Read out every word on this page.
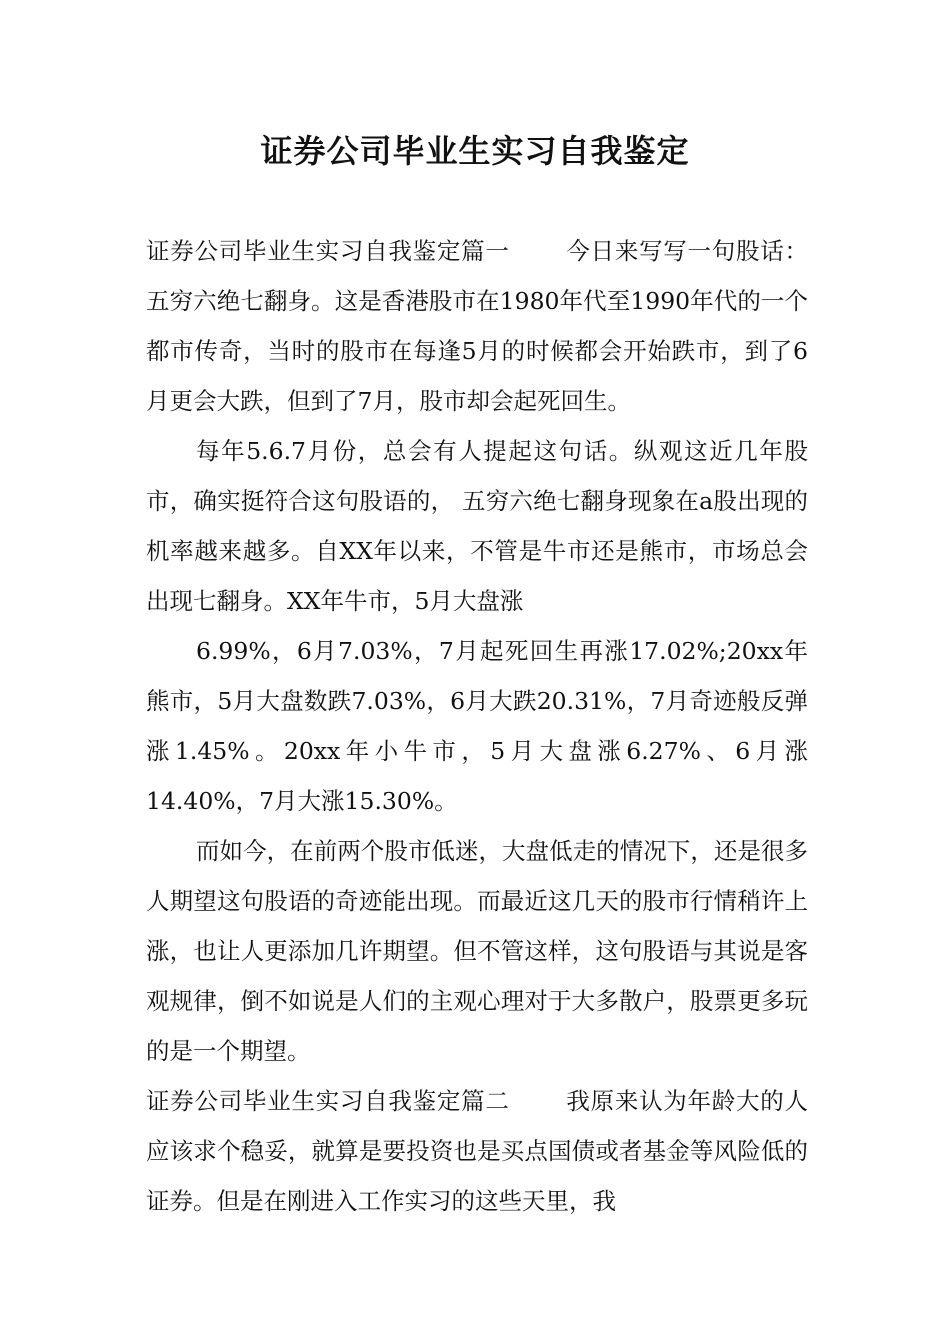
证券公司毕业生实习自我鉴定

证券公司毕业生实习自我鉴定篇一 今日来写写一句股话：五穷六绝七翻身。这是香港股市在1980年代至1990年代的一个都市传奇，当时的股市在每逢5月的时候都会开始跌市，到了6月更会大跌，但到了7月，股市却会起死回生。

每年5.6.7月份，总会有人提起这句话。纵观这近几年股市，确实挺符合这句股语的， 五穷六绝七翻身现象在a股出现的机率越来越多。自XX年以来，不管是牛市还是熊市，市场总会出现七翻身。XX年牛市，5月大盘涨

6.99%，6月7.03%，7月起死回生再涨17.02%;20xx年熊市，5月大盘数跌7.03%，6月大跌20.31%，7月奇迹般反弹涨1.45%。20xx年小牛市，5月大盘涨6.27%、6月涨14.40%，7月大涨15.30%。

而如今，在前两个股市低迷，大盘低走的情况下，还是很多人期望这句股语的奇迹能出现。而最近这几天的股市行情稍许上涨，也让人更添加几许期望。但不管这样，这句股语与其说是客观规律，倒不如说是人们的主观心理对于大多散户，股票更多玩的是一个期望。

证券公司毕业生实习自我鉴定篇二 我原来认为年龄大的人应该求个稳妥，就算是要投资也是买点国债或者基金等风险低的证券。但是在刚进入工作实习的这些天里，我
